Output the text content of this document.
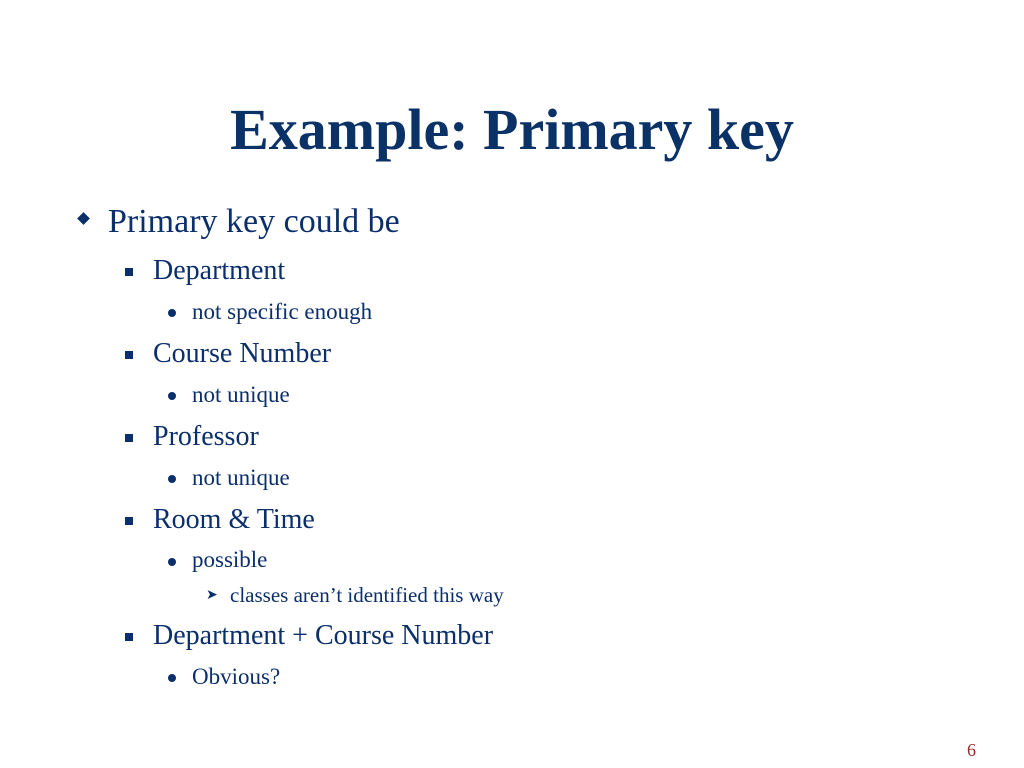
Example: Primary key
Primary key could be
Department
not specific enough
Course Number
not unique
Professor
not unique
Room & Time
possible
➤ classes aren’t identified this way
Department + Course Number
Obvious?
6
